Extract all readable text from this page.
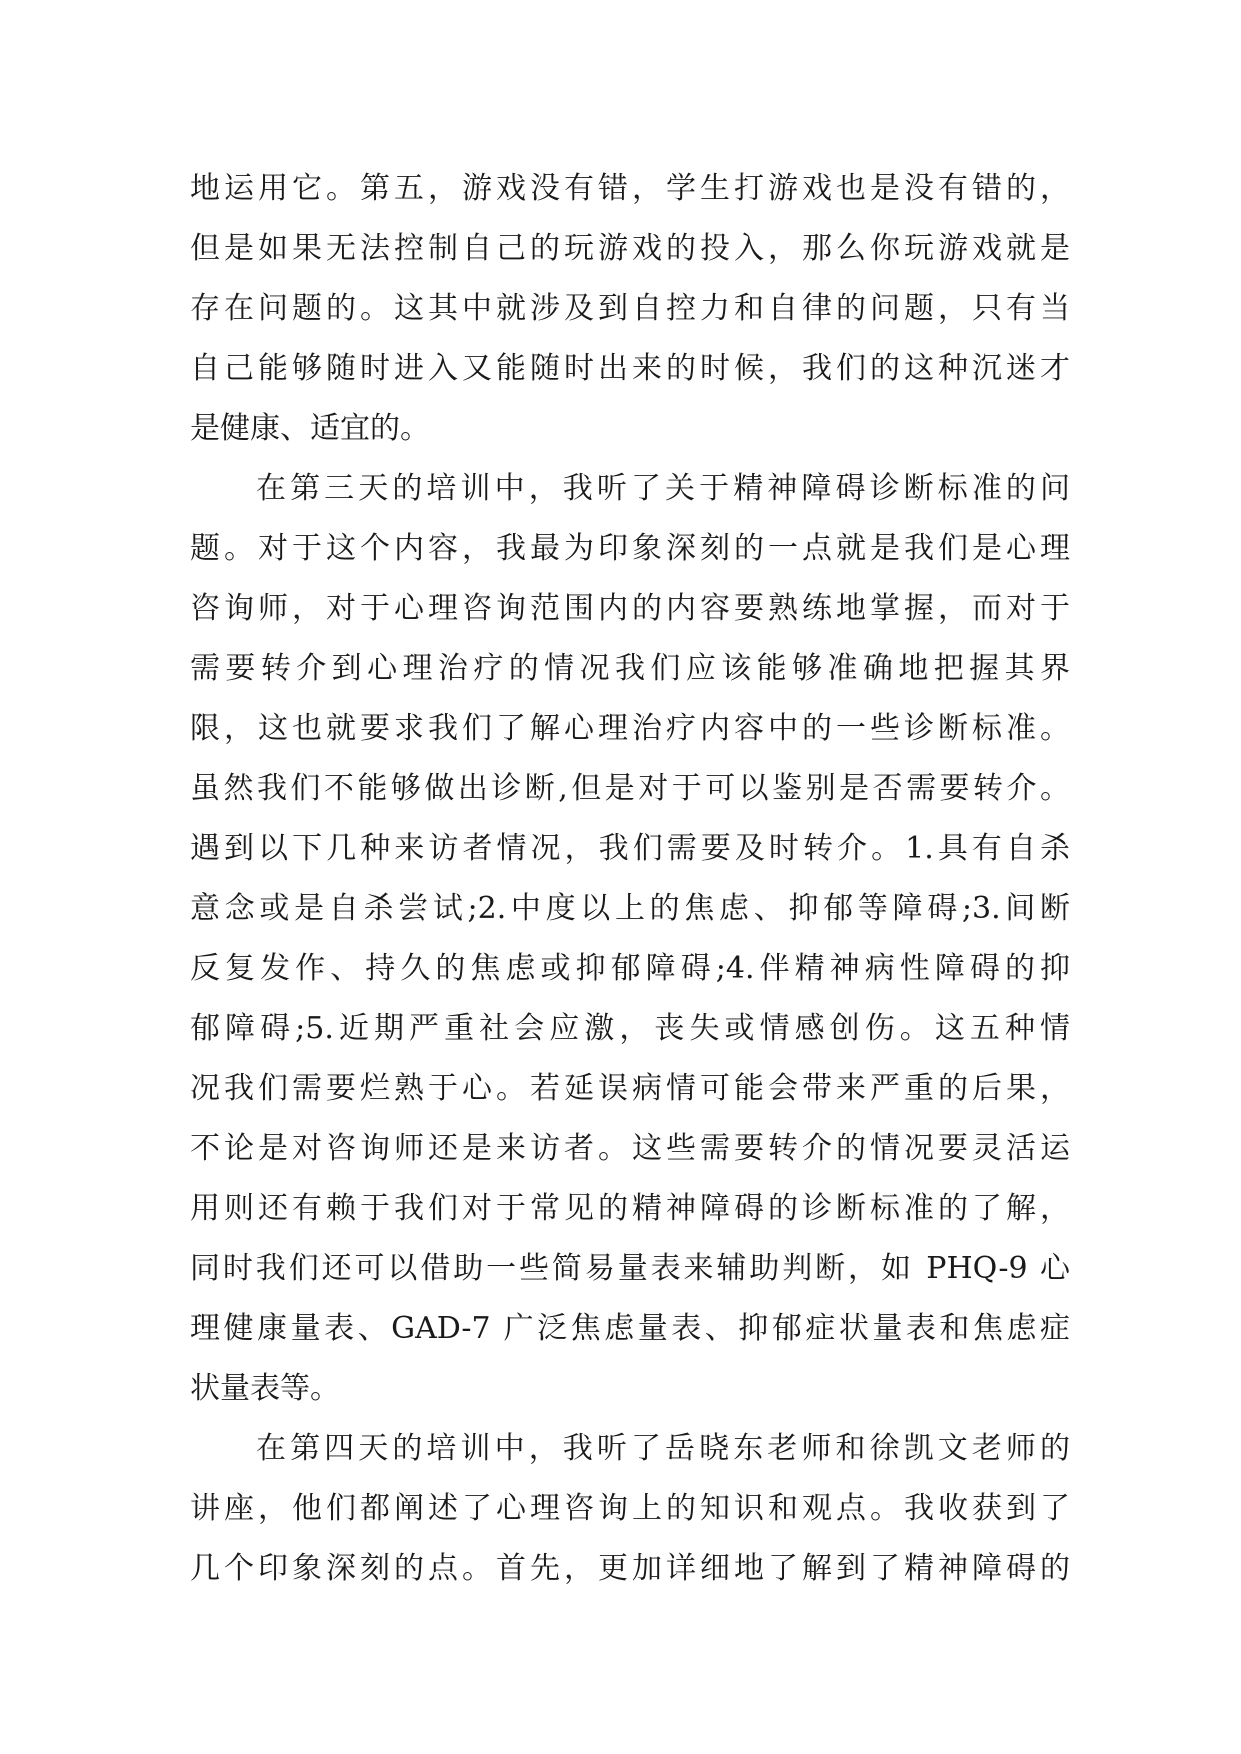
地运用它。第五，游戏没有错，学生打游戏也是没有错的，
但是如果无法控制自己的玩游戏的投入，那么你玩游戏就是
存在问题的。这其中就涉及到自控力和自律的问题，只有当
自己能够随时进入又能随时出来的时候，我们的这种沉迷才
是健康、适宜的。
在第三天的培训中，我听了关于精神障碍诊断标准的问
题。对于这个内容，我最为印象深刻的一点就是我们是心理
咨询师，对于心理咨询范围内的内容要熟练地掌握，而对于
需要转介到心理治疗的情况我们应该能够准确地把握其界
限，这也就要求我们了解心理治疗内容中的一些诊断标准。
虽然我们不能够做出诊断,但是对于可以鉴别是否需要转介。
遇到以下几种来访者情况，我们需要及时转介。1.具有自杀
意念或是自杀尝试;2.中度以上的焦虑、抑郁等障碍;3.间断
反复发作、持久的焦虑或抑郁障碍;4.伴精神病性障碍的抑
郁障碍;5.近期严重社会应激，丧失或情感创伤。这五种情
况我们需要烂熟于心。若延误病情可能会带来严重的后果，
不论是对咨询师还是来访者。这些需要转介的情况要灵活运
用则还有赖于我们对于常见的精神障碍的诊断标准的了解，
同时我们还可以借助一些简易量表来辅助判断，如 PHQ-9 心
理健康量表、GAD-7 广泛焦虑量表、抑郁症状量表和焦虑症
状量表等。
在第四天的培训中，我听了岳晓东老师和徐凯文老师的
讲座，他们都阐述了心理咨询上的知识和观点。我收获到了
几个印象深刻的点。首先，更加详细地了解到了精神障碍的
